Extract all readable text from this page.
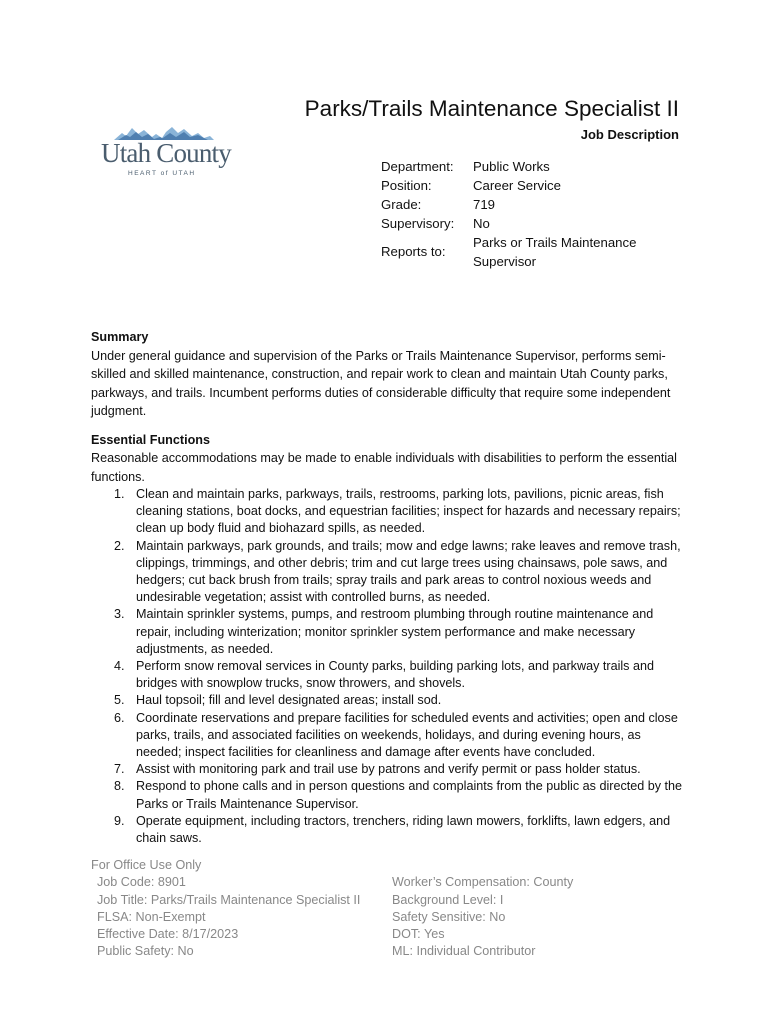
Utah County
HEART of UTAH
Parks/Trails Maintenance Specialist II
Job Description
Department:	Public Works
Position:	Career Service
Grade:	719
Supervisory:	No
Reports to:
Parks or Trails Maintenance Supervisor
Summary

Under general guidance and supervision of the Parks or Trails Maintenance Supervisor, performs semi-skilled and skilled maintenance, construction, and repair work to clean and maintain Utah County parks, parkways, and trails. Incumbent performs duties of considerable difficulty that require some independent judgment.

Essential Functions
Reasonable accommodations may be made to enable individuals with disabilities to perform the essential functions.
1. Clean and maintain parks, parkways, trails, restrooms, parking lots, pavilions, picnic areas, fish cleaning stations, boat docks, and equestrian facilities; inspect for hazards and necessary repairs; clean up body fluid and biohazard spills, as needed.
2. Maintain parkways, park grounds, and trails; mow and edge lawns; rake leaves and remove trash, clippings, trimmings, and other debris; trim and cut large trees using chainsaws, pole saws, and hedgers; cut back brush from trails; spray trails and park areas to control noxious weeds and undesirable vegetation; assist with controlled burns, as needed.
3. Maintain sprinkler systems, pumps, and restroom plumbing through routine maintenance and repair, including winterization; monitor sprinkler system performance and make necessary adjustments, as needed.
4. Perform snow removal services in County parks, building parking lots, and parkway trails and bridges with snowplow trucks, snow throwers, and shovels.
5. Haul topsoil; fill and level designated areas; install sod.
6. Coordinate reservations and prepare facilities for scheduled events and activities; open and close parks, trails, and associated facilities on weekends, holidays, and during evening hours, as needed; inspect facilities for cleanliness and damage after events have concluded.
7. Assist with monitoring park and trail use by patrons and verify permit or pass holder status.
8. Respond to phone calls and in person questions and complaints from the public as directed by the Parks or Trails Maintenance Supervisor.
9. Operate equipment, including tractors, trenchers, riding lawn mowers, forklifts, lawn edgers, and chain saws.
For Office Use Only
Job Code: 8901
Job Title: Parks/Trails Maintenance Specialist II
FLSA: Non-Exempt
Effective Date: 8/17/2023
Public Safety: No
Worker’s Compensation: County
Background Level: I
Safety Sensitive: No
DOT: Yes
ML: Individual Contributor
